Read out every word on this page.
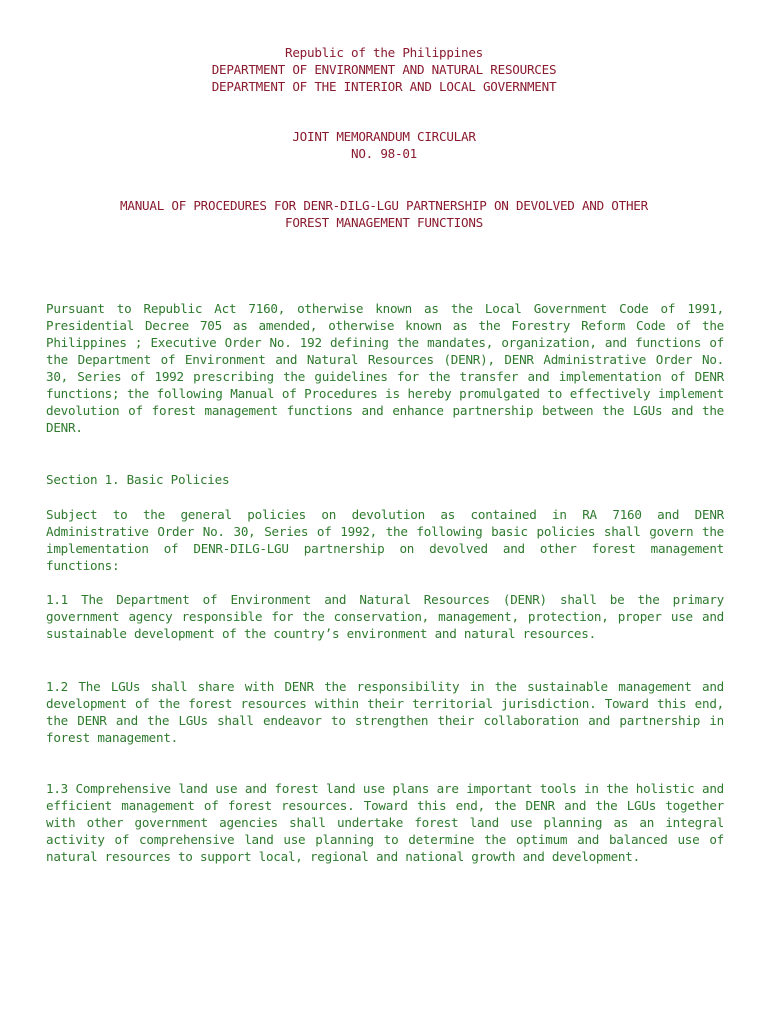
Republic of the Philippines
DEPARTMENT OF ENVIRONMENT AND NATURAL RESOURCES
DEPARTMENT OF THE INTERIOR AND LOCAL GOVERNMENT
JOINT MEMORANDUM CIRCULAR
NO. 98-01
MANUAL OF PROCEDURES FOR DENR-DILG-LGU PARTNERSHIP ON DEVOLVED AND OTHER
FOREST MANAGEMENT FUNCTIONS

Pursuant to Republic Act 7160, otherwise known as the Local Government Code of 1991, Presidential Decree 705 as amended, otherwise known as the Forestry Reform Code of the Philippines ; Executive Order No. 192 defining the mandates, organization, and functions of the Department of Environment and Natural Resources (DENR), DENR Administrative Order No. 30, Series of 1992 prescribing the guidelines for the transfer and implementation of DENR functions; the following Manual of Procedures is hereby promulgated to effectively implement devolution of forest management functions and enhance partnership between the LGUs and the DENR.

Section 1. Basic Policies

Subject to the general policies on devolution as contained in RA 7160 and DENR Administrative Order No. 30, Series of 1992, the following basic policies shall govern the implementation of DENR-DILG-LGU partnership on devolved and other forest management functions:

1.1 The Department of Environment and Natural Resources (DENR) shall be the primary government agency responsible for the conservation, management, protection, proper use and sustainable development of the country’s environment and natural resources.

1.2 The LGUs shall share with DENR the responsibility in the sustainable management and development of the forest resources within their territorial jurisdiction. Toward this end, the DENR and the LGUs shall endeavor to strengthen their collaboration and partnership in forest management.

1.3 Comprehensive land use and forest land use plans are important tools in the holistic and efficient management of forest resources. Toward this end, the DENR and the LGUs together with other government agencies shall undertake forest land use planning as an integral activity of comprehensive land use planning to determine the optimum and balanced use of natural resources to support local, regional and national growth and development.
